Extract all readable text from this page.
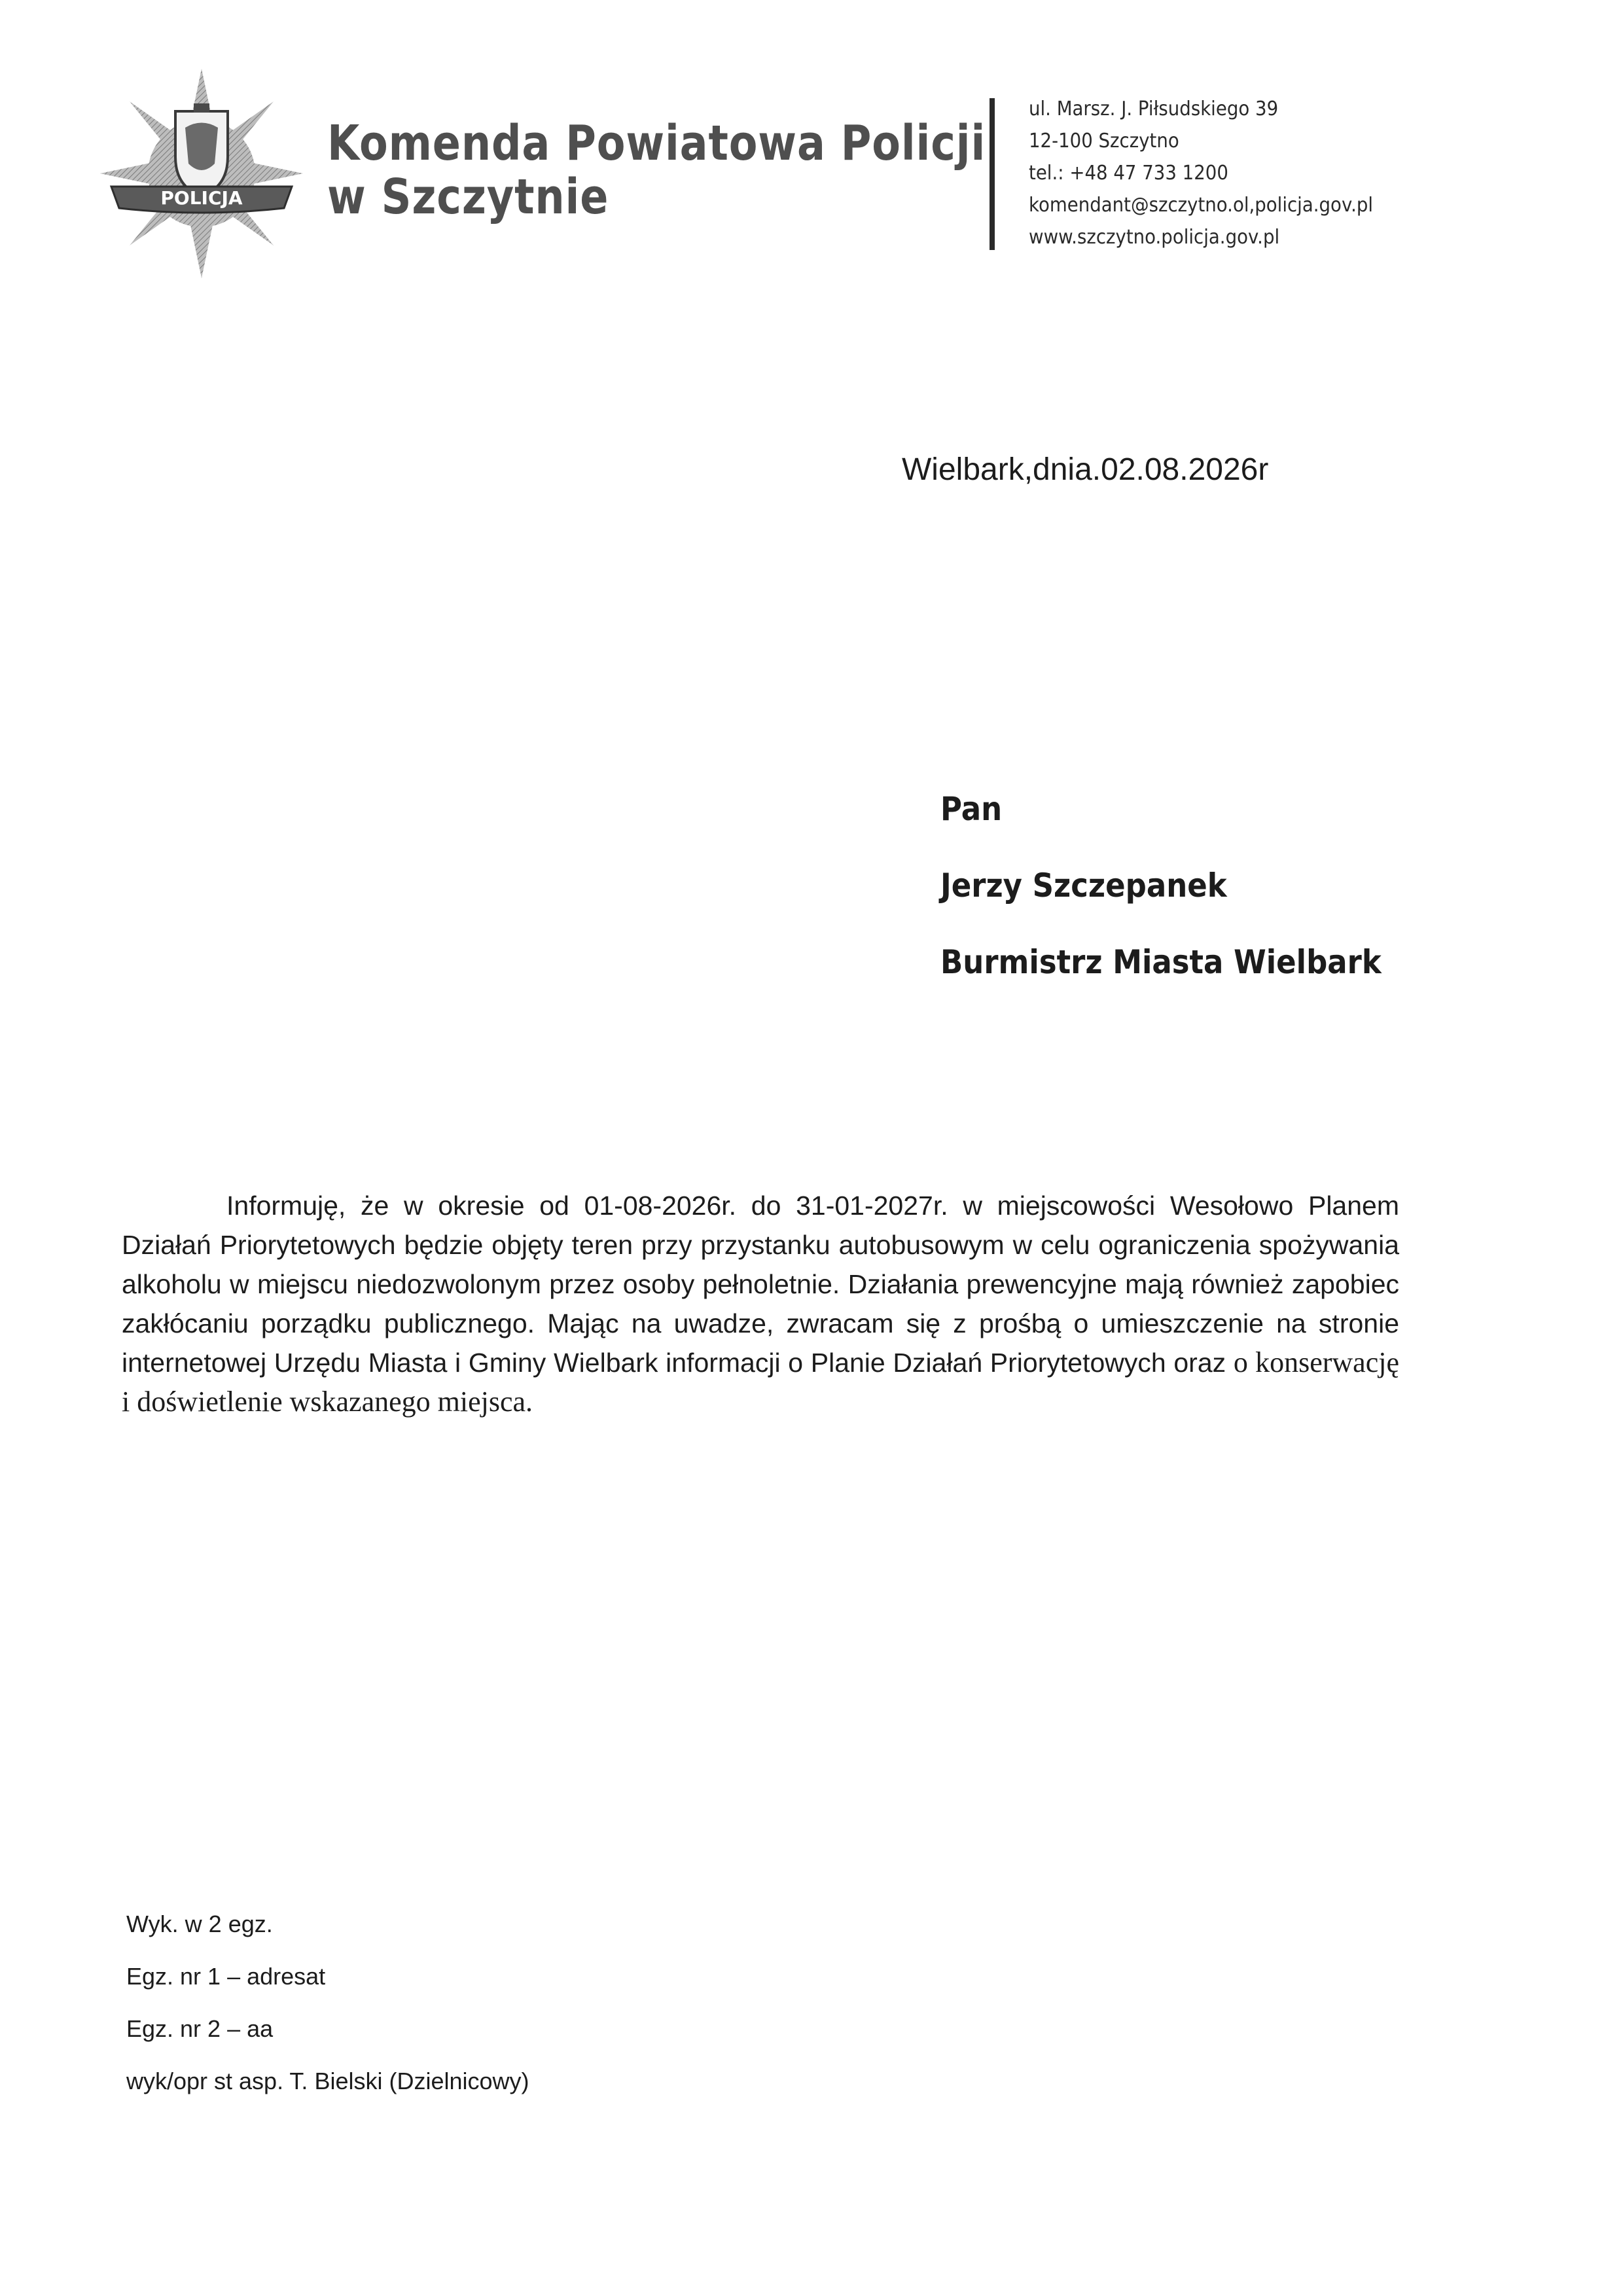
POLICJA
Komenda Powiatowa Policji
w Szczytnie
ul. Marsz. J. Piłsudskiego 39
12-100 Szczytno
tel.: +48 47 733 1200
komendant@szczytno.ol,policja.gov.pl
www.szczytno.policja.gov.pl
Wielbark,dnia.02.08.2026r
Pan
Jerzy Szczepanek
Burmistrz Miasta Wielbark

Informuję, że w okresie od 01-08-2026r. do 31-01-2027r. w miejscowości Wesołowo Planem Działań Priorytetowych będzie objęty teren przy przystanku autobusowym w celu ograniczenia spożywania alkoholu w miejscu niedozwolonym przez osoby pełnoletnie. Działania prewencyjne mają również zapobiec zakłócaniu porządku publicznego. Mając na uwadze, zwracam się z prośbą o umieszczenie na stronie internetowej Urzędu Miasta i Gminy Wielbark informacji o Planie Działań Priorytetowych oraz o konserwację i doświetlenie wskazanego miejsca.

Wyk. w 2 egz.
Egz. nr 1 – adresat
Egz. nr 2 – aa
wyk/opr st asp. T. Bielski (Dzielnicowy)
